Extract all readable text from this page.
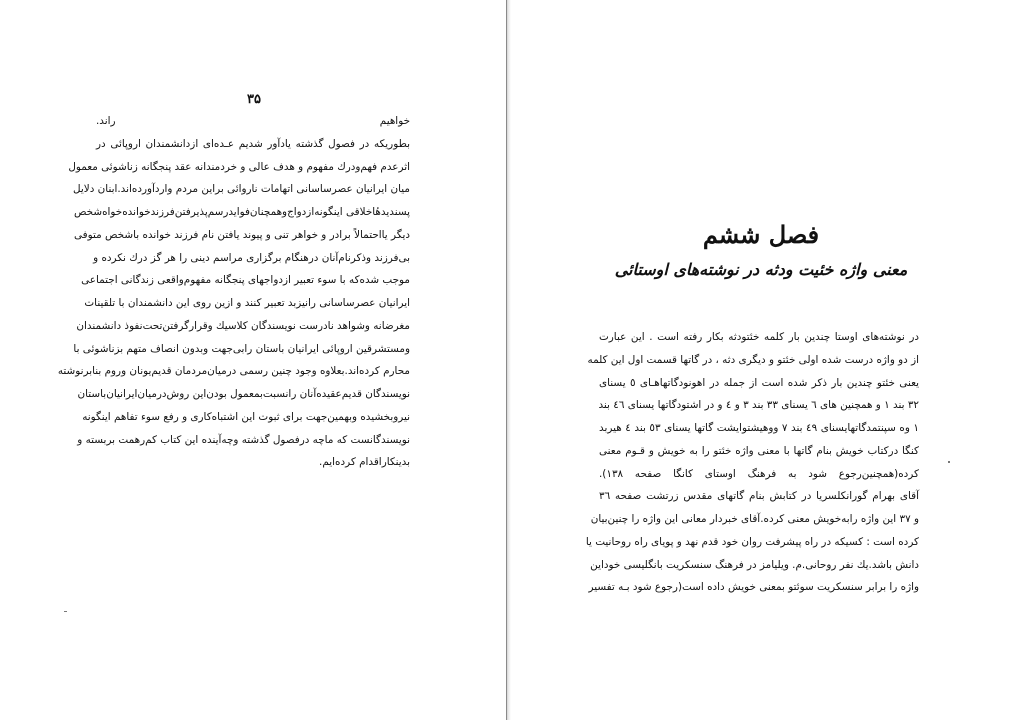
۳۵
خواهیم راند.
بطوریکه در فصول گذشته یادآور شدیم عـده‌ای ازدانشمندان اروپائی در
اثرعدم فهم‌ودرك مفهوم و هدف عالی و خردمندانه عقد پنجگانه زناشوئی معمول
میان ایرانیان عصرساسانی اتهامات ناروائی براین مردم واردآورده‌اند.ابنان دلایل
پسندیدهٔاخلاقی اینگونه‌ازدواج‌وهمچنان‌فوایدرسم‌پذیرفتن‌فرزندخوانده‌خواه‌شخص
دیگر یااحتمالاً برادر و خواهر تنی و پیوند یافتن نام فرزند خوانده باشخص متوفی
بی‌فرزند وذکرنام‌آنان درهنگام برگزاری مراسم دینی را هر گز درك نکرده و
موجب شده‌که با سوء تعبیر ازدواجهای پنجگانه مفهوم‌واقعی زندگانی اجتماعی
ایرانیان عصرساسانی رانیزبد تعبیر کنند و ازین روی این دانشمندان با تلقینات
مغرضانه وشواهد نادرست نویسندگان کلاسیك وقرارگرفتن‌تحت‌نفوذ دانشمندان
ومستشرقین اروپائی ایرانیان باستان رابی‌جهت وبدون انصاف متهم بزناشوئی با
محارم کرده‌اند.بعلاوه وجود چنین رسمی درمیان‌مردمان قدیم‌یونان وروم بنابرنوشته
نویسندگان قدیم‌عقیده‌آنان رانسبت‌بمعمول بودن‌این روش‌درمیان‌ایرانیان‌باستان
نیروبخشیده وبهمین‌جهت برای ثبوت این اشتباه‌کاری و رفع سوء تفاهم اینگونه
نویسندگانست که ماچه درفصول گذشته وچه‌آینده این کتاب کم‌رهمت بربسته و
بدینکاراقدام کرده‌ایم.
فصل ششم
معنی واژه خئیت ودثه در نوشته‌های اوستائی
در نوشته‌های اوستا چندین بار کلمه خئتودثه بکار رفته است . این عبارت
از دو واژه درست شده اولی خئتو و دیگری دثه ، در گاتها قسمت اول این کلمه
یعنی خئتو چندین بار ذکر شده است از جمله در اهونودگاتهاهـای ٥ یسنای
۳۲ بند ۱ و همچنین های ٦ یسنای ۳۳ بند ۳ و ٤ و در اشتودگاتها یسنای ٤٦ بند
۱ وه سپنتمدگاتهایسنای ٤٩ بند ۷ ووهیشتوایشت گاتها یسنای ٥۳ بند ٤ هیربد
کنگا درکتاب خویش بنام گاتها با معنی واژه خئتو را به خویش و قـوم معنی
کرده(همچنین‌رجوع شود به فرهنگ اوستای کانگا صفحه ۱۳۸).
آقای بهرام گورانکلسریا در کتابش بنام گاتهای مقدس زرتشت صفحه ۳٦
و ۳۷ این واژه رابه‌خویش معنی کرده.آقای خبردار معانی این واژه را چنین‌بیان
کرده است : کسیکه در راه پیشرفت روان خود قدم نهد و پویای راه روحانیت یا
دانش باشد.یك نفر روحانی.م. ویلیامز در فرهنگ سنسکریت بانگلیسی خوداین
واژه را برابر سنسکریت سوئتو بمعنی خویش داده است(رجوع شود بـه تفسیر
